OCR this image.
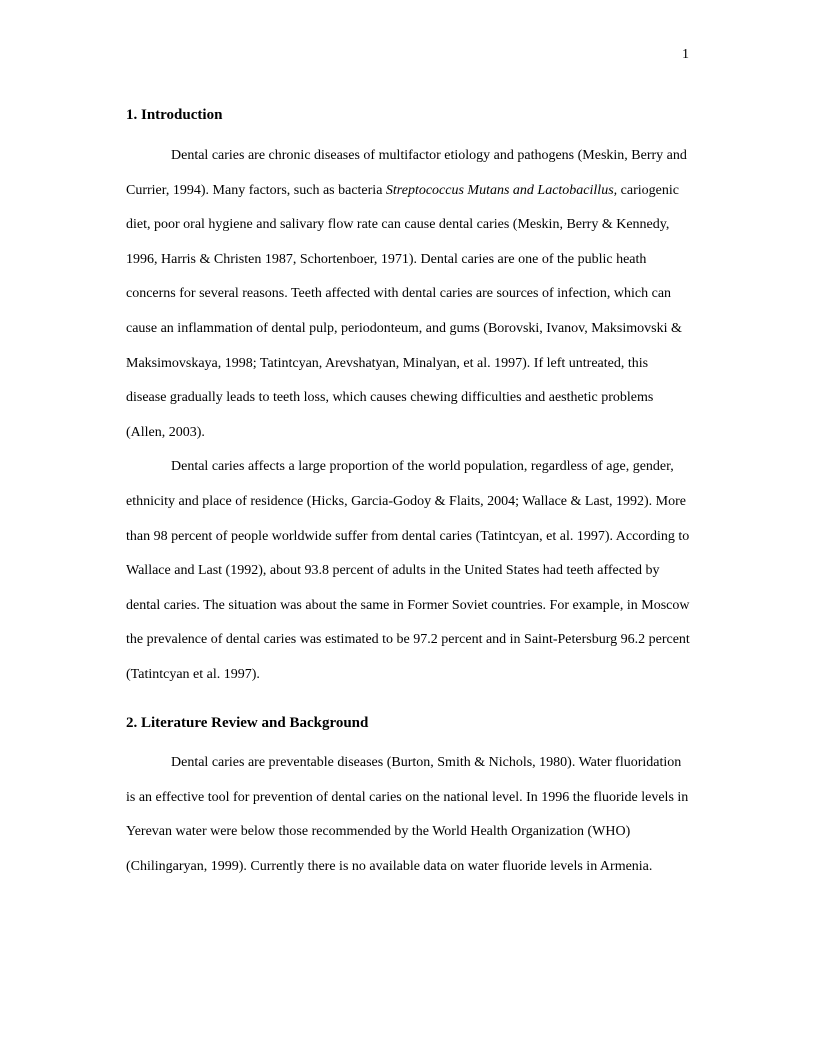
1
1. Introduction

Dental caries are chronic diseases of multifactor etiology and pathogens (Meskin, Berry and Currier, 1994). Many factors, such as bacteria Streptococcus Mutans and Lactobacillus, cariogenic diet, poor oral hygiene and salivary flow rate can cause dental caries (Meskin, Berry & Kennedy, 1996, Harris & Christen 1987, Schortenboer, 1971). Dental caries are one of the public heath concerns for several reasons. Teeth affected with dental caries are sources of infection, which can cause an inflammation of dental pulp, periodonteum, and gums (Borovski, Ivanov, Maksimovski & Maksimovskaya, 1998; Tatintcyan, Arevshatyan, Minalyan, et al. 1997). If left untreated, this disease gradually leads to teeth loss, which causes chewing difficulties and aesthetic problems (Allen, 2003).

Dental caries affects a large proportion of the world population, regardless of age, gender, ethnicity and place of residence (Hicks, Garcia-Godoy & Flaits, 2004; Wallace & Last, 1992). More than 98 percent of people worldwide suffer from dental caries (Tatintcyan, et al. 1997). According to Wallace and Last (1992), about 93.8 percent of adults in the United States had teeth affected by dental caries. The situation was about the same in Former Soviet countries. For example, in Moscow the prevalence of dental caries was estimated to be 97.2 percent and in Saint-Petersburg 96.2 percent (Tatintcyan et al. 1997).

2. Literature Review and Background

Dental caries are preventable diseases (Burton, Smith & Nichols, 1980). Water fluoridation is an effective tool for prevention of dental caries on the national level. In 1996 the fluoride levels in Yerevan water were below those recommended by the World Health Organization (WHO) (Chilingaryan, 1999). Currently there is no available data on water fluoride levels in Armenia.
